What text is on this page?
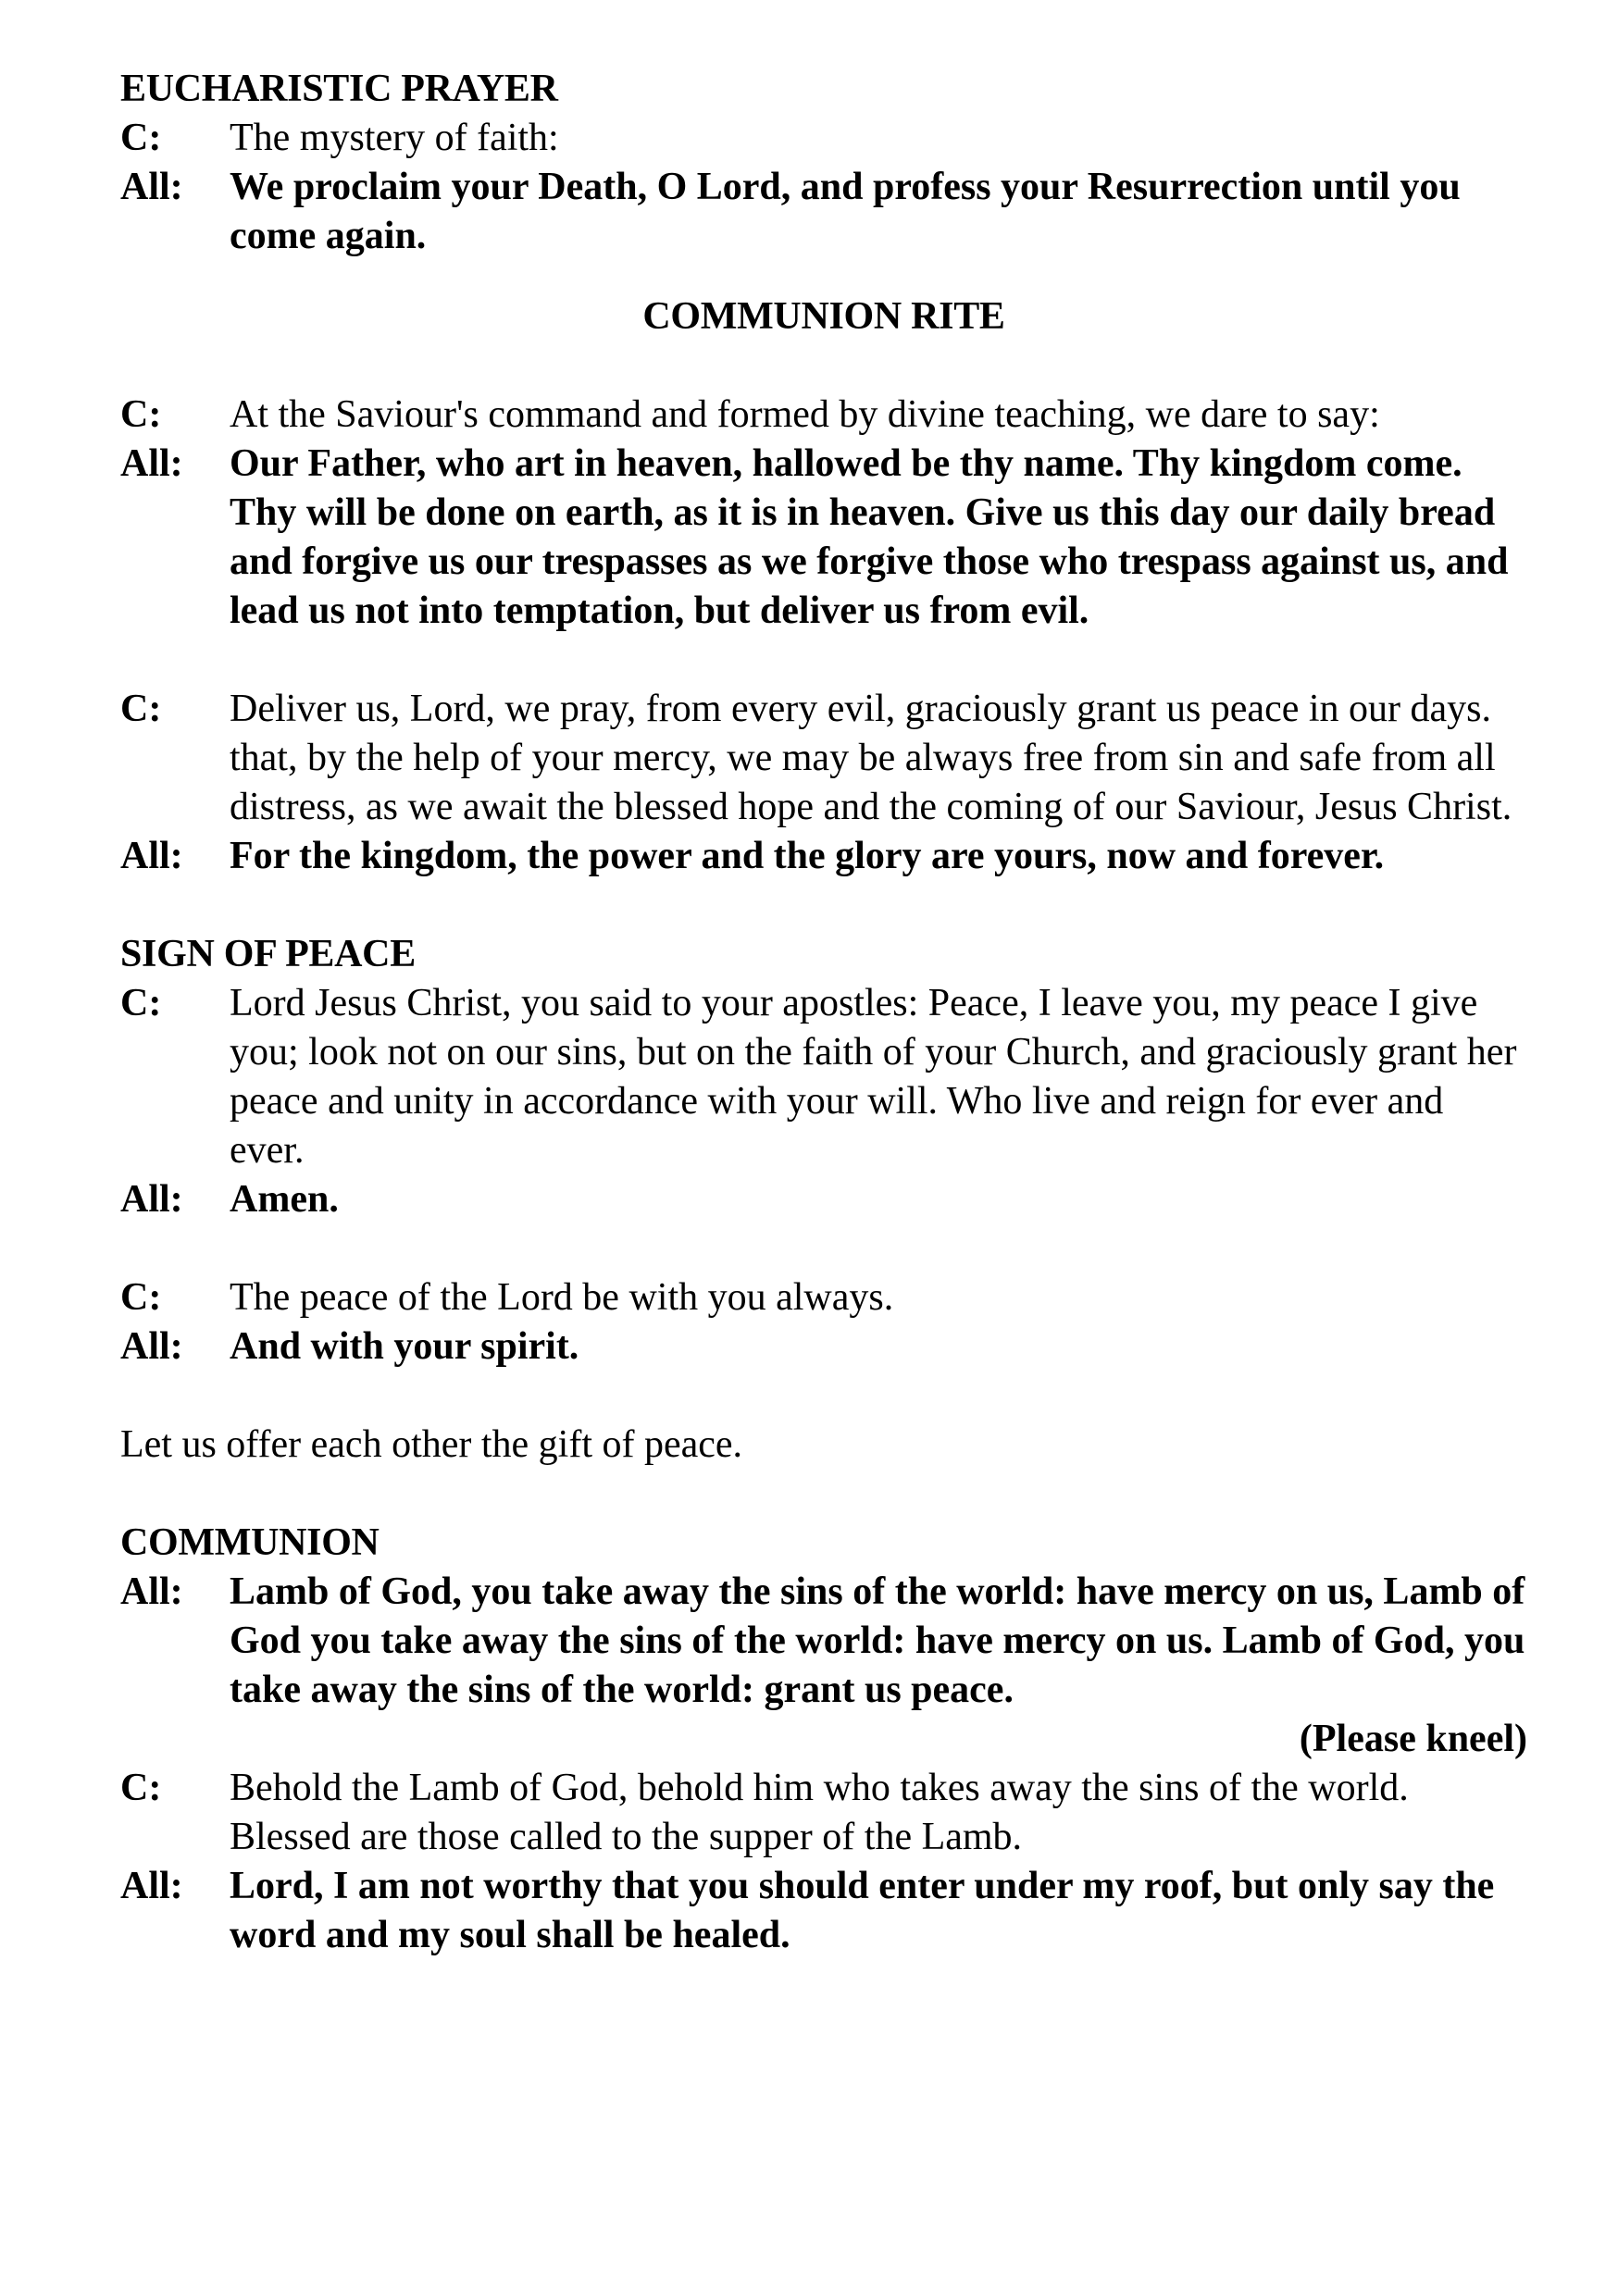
EUCHARISTIC PRAYER
C:	The mystery of faith:
All:	We proclaim your Death, O Lord, and profess your Resurrection until you come again.
COMMUNION RITE
C:	At the Saviour's command and formed by divine teaching, we dare to say:
All:	Our Father, who art in heaven, hallowed be thy name. Thy kingdom come. Thy will be done on earth, as it is in heaven. Give us this day our daily bread and forgive us our trespasses as we forgive those who trespass against us, and lead us not into temptation, but deliver us from evil.
C:	Deliver us, Lord, we pray, from every evil, graciously grant us peace in our days. that, by the help of your mercy, we may be always free from sin and safe from all distress, as we await the blessed hope and the coming of our Saviour, Jesus Christ.
All:	For the kingdom, the power and the glory are yours, now and forever.
SIGN OF PEACE
C:	Lord Jesus Christ, you said to your apostles: Peace, I leave you, my peace I give you; look not on our sins, but on the faith of your Church, and graciously grant her peace and unity in accordance with your will. Who live and reign for ever and ever.
All:	Amen.
C:	The peace of the Lord be with you always.
All:	And with your spirit.
Let us offer each other the gift of peace.
COMMUNION
All:	Lamb of God, you take away the sins of the world: have mercy on us, Lamb of God you take away the sins of the world: have mercy on us. Lamb of God, you take away the sins of the world: grant us peace.
(Please kneel)
C:	Behold the Lamb of God, behold him who takes away the sins of the world. Blessed are those called to the supper of the Lamb.
All:	Lord, I am not worthy that you should enter under my roof, but only say the word and my soul shall be healed.
